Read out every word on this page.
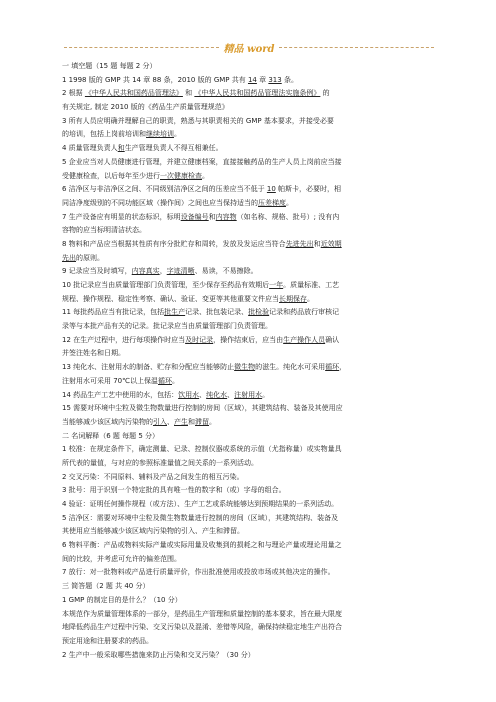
精品 word
一 填空题（15 题 每题 2 分）
1 1998 版的 GMP 共 14 章 88 条，2010 版的 GMP 共有 14 章 313 条。
2 根据 《中华人民共和国药品管理法》 和 《中华人民共和国药品管理法实施条例》 的
有关规定, 制定 2010 版的《药品生产质量管理规范》
3 所有人员应明确并理解自己的职责，熟悉与其职责相关的 GMP 基本要求，并接受必要
的培训，包括上岗前培训和继续培训。
4 质量管理负责人和生产管理负责人不得互相兼任。
5 企业应当对人员健康进行管理，并建立健康档案，直接接触药品的生产人员上岗前应当接
受健康检查，以后每年至少进行一次健康检查。
6 洁净区与非洁净区之间、不同级别洁净区之间的压差应当不低于 10 帕斯卡，必要时，相
同洁净度级别的不同功能区域（操作间）之间也应当保持适当的压差梯度。
7 生产设备应有明显的状态标识，标明设备编号和内容物（如名称、规格、批号）; 没有内
容物的应当标明清洁状态。
8 物料和产品应当根据其性质有序分批贮存和周转，发放及发运应当符合先进先出和近效期
先出的原则。
9 记录应当及时填写，内容真实，字迹清晰、易读，不易擦除。
10 批记录应当由质量管理部门负责管理，至少保存至药品有效期后一年。质量标准、工艺
规程、操作规程、稳定性考察、确认、验证、变更等其他重要文件应当长期保存。
11 每批药品应当有批记录，包括批生产记录、批包装记录、批检验记录和药品放行审核记
录等与本批产品有关的记录。批记录应当由质量管理部门负责管理。
12 在生产过程中，进行每项操作时应当及时记录，操作结束后，应当由生产操作人员确认
并签注姓名和日期。
13 纯化水、注射用水的制备、贮存和分配应当能够防止微生物的滋生。纯化水可采用循环，
注射用水可采用 70℃以上保温循环。
14 药品生产工艺中使用的水，包括：饮用水、纯化水、注射用水。
15 需要对环境中尘粒及微生物数量进行控制的房间（区域），其建筑结构、装备及其使用应
当能够减少该区域内污染物的引入、产生和滞留。
二 名词解释（6 题 每题 5 分）
1 校准：在规定条件下，确定测量、记录、控制仪器或系统的示值（尤指称量）或实物量具
所代表的量值，与对应的参照标准量值之间关系的一系列活动。
2 交叉污染：不同原料、辅料及产品之间发生的相互污染。
3 批号：用于识别一个特定批的具有唯一性的数字和（或）字母的组合。
4 验证：证明任何操作规程（或方法）、生产工艺或系统能够达到预期结果的一系列活动。
5 洁净区：需要对环境中尘粒及微生物数量进行控制的房间（区域），其建筑结构、装备及
其使用应当能够减少该区域内污染物的引入、产生和滞留。
6 物料平衡：产品或物料实际产量或实际用量及收集到的损耗之和与理论产量或理论用量之
间的比较，并考虑可允许的偏差范围。
7 放行：对一批物料或产品进行质量评价，作出批准使用或投放市场或其他决定的操作。
三 简答题（2 题 共 40 分）
1 GMP 的制定目的是什么？（10 分）
本规范作为质量管理体系的一部分，是药品生产管理和质量控制的基本要求，旨在最大限度
地降低药品生产过程中污染、交叉污染以及混淆、差错等风险，确保持续稳定地生产出符合
预定用途和注册要求的药品。
2 生产中一般采取哪些措施来防止污染和交叉污染？（30 分）
